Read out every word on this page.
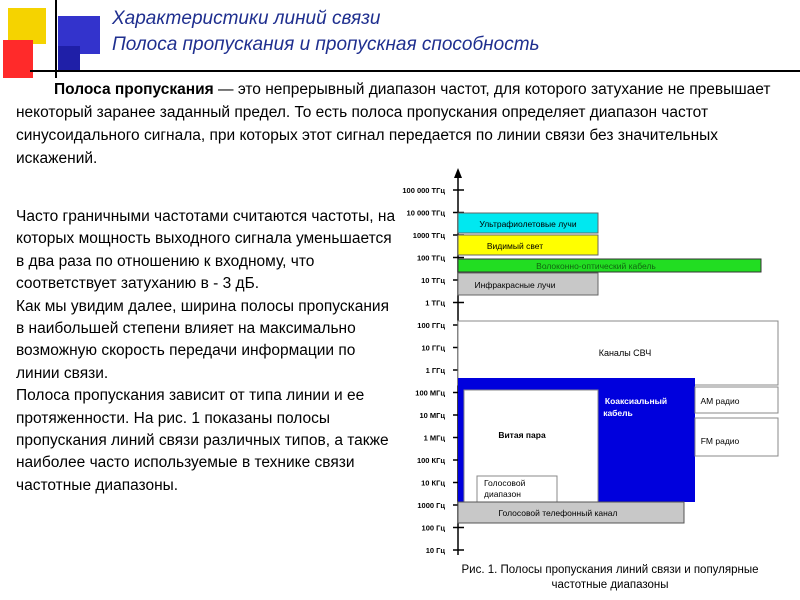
Характеристики линий связи
Полоса пропускания и пропускная способность
Полоса пропускания — это непрерывный диапазон частот, для которого затухание не превышает некоторый заранее заданный предел. То есть полоса пропускания определяет диапазон частот синусоидального сигнала, при которых этот сигнал передается по линии связи без значительных искажений.

Часто граничными частотами считаются частоты, на которых мощность выходного сигнала уменьшается в два раза по отношению к входному, что соответствует затуханию в - 3 дБ.

Как мы увидим далее, ширина полосы пропускания в наибольшей степени влияет на максимально возможную скорость передачи информации по линии связи.

Полоса пропускания зависит от типа линии и ее протяженности. На рис. 1 показаны полосы пропускания линий связи различных типов, а также наиболее часто используемые в технике связи частотные диапазоны.

100 000 ТГц
10 000 ТГц
1000 ТГц
100 ТГц
10 ТГц
1 ТГц
100 ГГц
10 ГГц
1 ГГц
100 МГц
10 МГц
1 МГц
100 КГц
10 КГц
1000 Гц
100 Гц
10 Гц
Ультрафиолетовые лучи
Видимый свет
Волоконно-оптический кабель
Инфракрасные лучи
Каналы СВЧ
Коаксиальный
кабель
Витая пара
АМ радио
FM радио
Голосовой
диапазон
Голосовой телефонный канал
Рис. 1. Полосы пропускания линий связи и популярные
частотные диапазоны
